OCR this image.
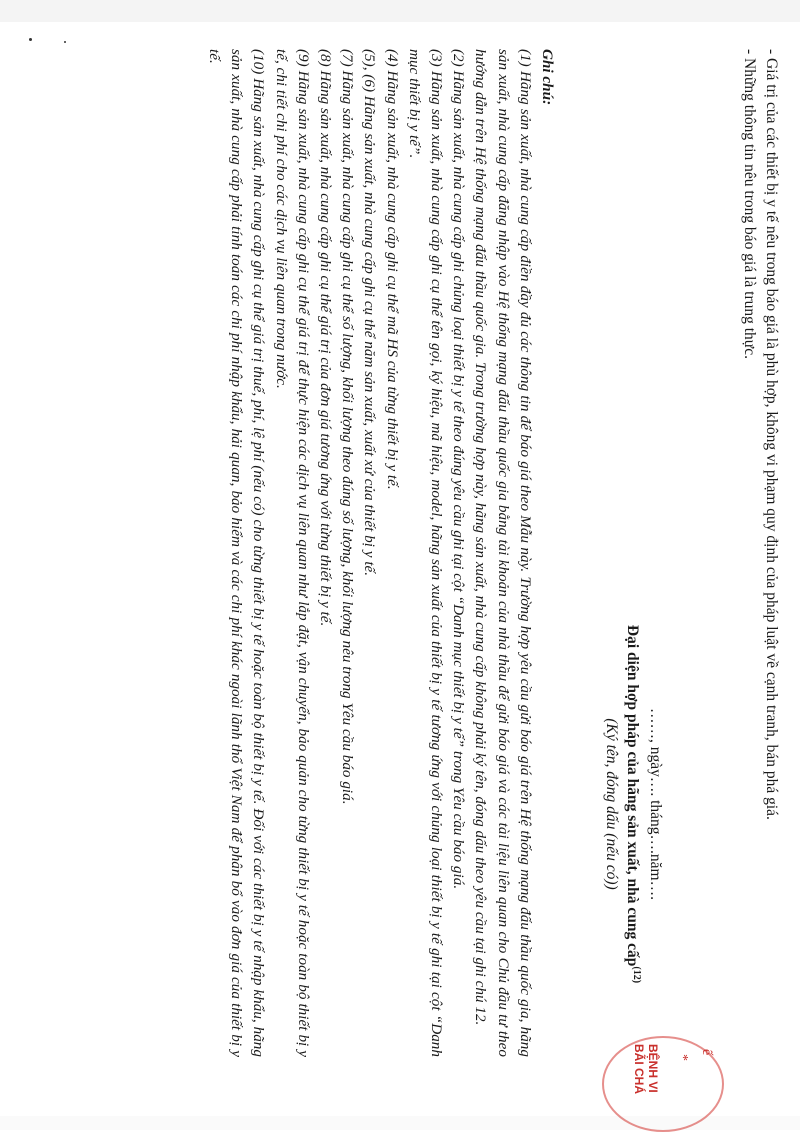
- Giá trị của các thiết bị y tế nêu trong báo giá là phù hợp, không vi phạm quy định của pháp luật về cạnh tranh, bán phá giá.

- Những thông tin nêu trong báo giá là trung thực.

……, ngày…. tháng….năm….
Đại diện hợp pháp của hãng sản xuất, nhà cung cấp$^{(12)}$
(Ký tên, đóng dấu (nếu có))

Ghi chú:

(1) Hãng sản xuất, nhà cung cấp điền đầy đủ các thông tin để báo giá theo Mẫu này. Trường hợp yêu cầu gửi báo giá trên Hệ thống mạng đấu thầu quốc gia, hãng sản xuất, nhà cung cấp đăng nhập vào Hệ thống mạng đấu thầu quốc gia bằng tài khoản của nhà thầu để gửi báo giá và các tài liệu liên quan cho Chủ đầu tư theo hướng dẫn trên Hệ thống mạng đấu thầu quốc gia. Trong trường hợp này, hãng sản xuất, nhà cung cấp không phải ký tên, đóng dấu theo yêu cầu tại ghi chú 12.

(2) Hãng sản xuất, nhà cung cấp ghi chủng loại thiết bị y tế theo đúng yêu cầu ghi tại cột “Danh mục thiết bị y tế” trong Yêu cầu báo giá.

(3) Hãng sản xuất, nhà cung cấp ghi cụ thể tên gọi, ký hiệu, mã hiệu, model, hãng sản xuất của thiết bị y tế tương ứng với chủng loại thiết bị y tế ghi tại cột “Danh mục thiết bị y tế”.

(4) Hãng sản xuất, nhà cung cấp ghi cụ thể mã HS của từng thiết bị y tế.

(5), (6) Hãng sản xuất, nhà cung cấp ghi cụ thể năm sản xuất, xuất xứ của thiết bị y tế.

(7) Hãng sản xuất, nhà cung cấp ghi cụ thể số lượng, khối lượng theo đúng số lượng, khối lượng nêu trong Yêu cầu báo giá.

(8) Hãng sản xuất, nhà cung cấp ghi cụ thể giá trị của đơn giá tương ứng với từng thiết bị y tế.

(9) Hãng sản xuất, nhà cung cấp ghi cụ thể giá trị để thực hiện các dịch vụ liên quan như lắp đặt, vận chuyển, bảo quản cho từng thiết bị y tế hoặc toàn bộ thiết bị y tế, chi tiết chi phí cho các dịch vụ liên quan trong nước.

(10) Hãng sản xuất, nhà cung cấp ghi cụ thể giá trị thuế, phí, lệ phí (nếu có) cho từng thiết bị y tế hoặc toàn bộ thiết bị y tế. Đối với các thiết bị y tế nhập khẩu, hãng sản xuất, nhà cung cấp phải tính toán các chi phí nhập khẩu, hải quan, bảo hiểm và các chi phí khác ngoài lãnh thổ Việt Nam để phân bổ vào đơn giá của thiết bị y tế.

ế
*
BỆNH VI
BÃI CHÁ
